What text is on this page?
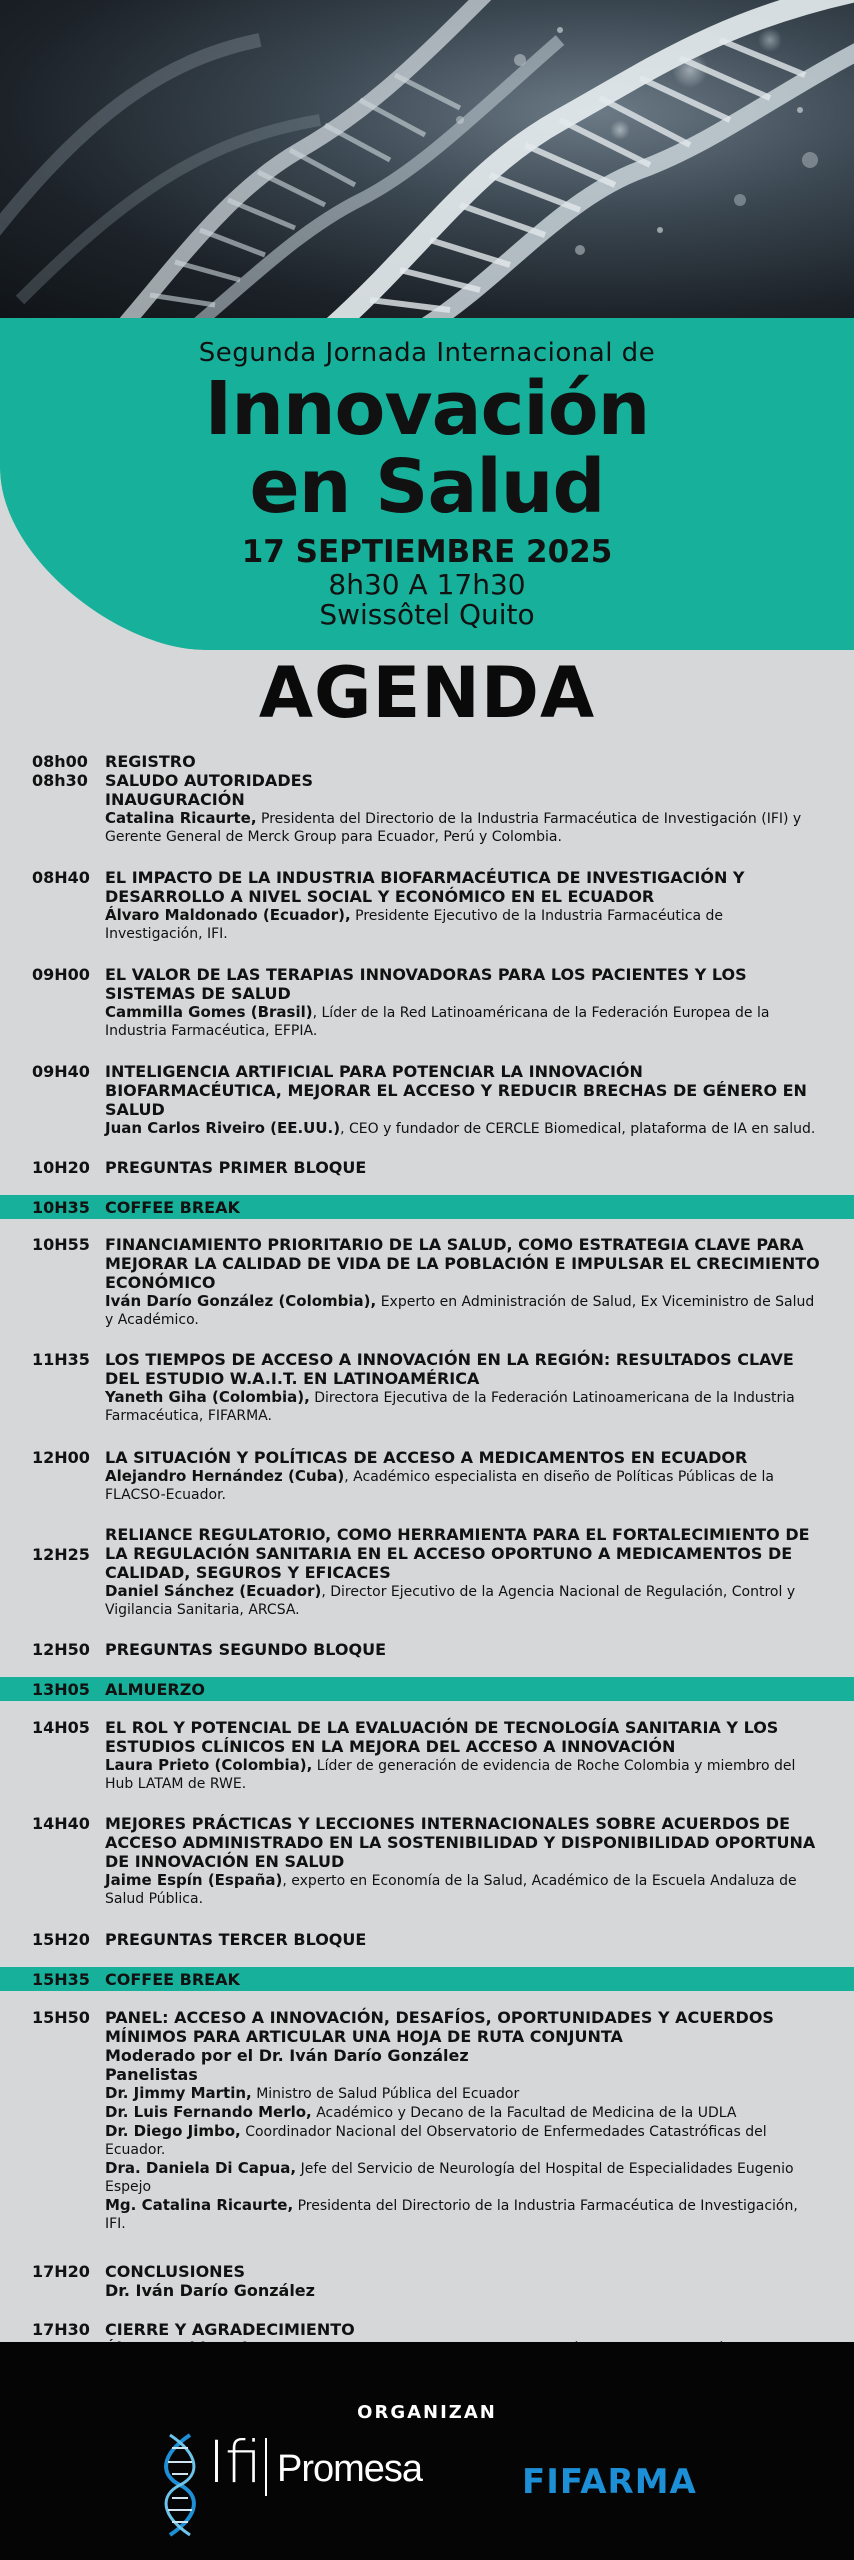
Segunda Jornada Internacional de
Innovación
en Salud
17 SEPTIEMBRE 2025
8h30 A 17h30
Swissôtel Quito
AGENDA
08h00 REGISTRO
08h30 SALUDO AUTORIDADES
INAUGURACIÓN
Catalina Ricaurte, Presidenta del Directorio de la Industria Farmacéutica de Investigación (IFI) y Gerente General de Merck Group para Ecuador, Perú y Colombia.
08H40 EL IMPACTO DE LA INDUSTRIA BIOFARMACÉUTICA DE INVESTIGACIÓN Y DESARROLLO A NIVEL SOCIAL Y ECONÓMICO EN EL ECUADOR
Álvaro Maldonado (Ecuador), Presidente Ejecutivo de la Industria Farmacéutica de Investigación, IFI.
09H00 EL VALOR DE LAS TERAPIAS INNOVADORAS PARA LOS PACIENTES Y LOS SISTEMAS DE SALUD
Cammilla Gomes (Brasil), Líder de la Red Latinoaméricana de la Federación Europea de la Industria Farmacéutica, EFPIA.
09H40 INTELIGENCIA ARTIFICIAL PARA POTENCIAR LA INNOVACIÓN BIOFARMACÉUTICA, MEJORAR EL ACCESO Y REDUCIR BRECHAS DE GÉNERO EN SALUD
Juan Carlos Riveiro (EE.UU.), CEO y fundador de CERCLE Biomedical, plataforma de IA en salud.
10H20 PREGUNTAS PRIMER BLOQUE
10H35 COFFEE BREAK
10H55 FINANCIAMIENTO PRIORITARIO DE LA SALUD, COMO ESTRATEGIA CLAVE PARA MEJORAR LA CALIDAD DE VIDA DE LA POBLACIÓN E IMPULSAR EL CRECIMIENTO ECONÓMICO
Iván Darío González (Colombia), Experto en Administración de Salud, Ex Viceministro de Salud y Académico.
11H35 LOS TIEMPOS DE ACCESO A INNOVACIÓN EN LA REGIÓN: RESULTADOS CLAVE DEL ESTUDIO W.A.I.T. EN LATINOAMÉRICA
Yaneth Giha (Colombia), Directora Ejecutiva de la Federación Latinoamericana de la Industria Farmacéutica, FIFARMA.
12H00 LA SITUACIÓN Y POLÍTICAS DE ACCESO A MEDICAMENTOS EN ECUADOR
Alejandro Hernández (Cuba), Académico especialista en diseño de Políticas Públicas de la FLACSO-Ecuador.
12H25
RELIANCE REGULATORIO, COMO HERRAMIENTA PARA EL FORTALECIMIENTO DE LA REGULACIÓN SANITARIA EN EL ACCESO OPORTUNO A MEDICAMENTOS DE CALIDAD, SEGUROS Y EFICACES
Daniel Sánchez (Ecuador), Director Ejecutivo de la Agencia Nacional de Regulación, Control y Vigilancia Sanitaria, ARCSA.
12H50 PREGUNTAS SEGUNDO BLOQUE
13H05 ALMUERZO
14H05 EL ROL Y POTENCIAL DE LA EVALUACIÓN DE TECNOLOGÍA SANITARIA Y LOS ESTUDIOS CLÍNICOS EN LA MEJORA DEL ACCESO A INNOVACIÓN
Laura Prieto (Colombia), Líder de generación de evidencia de Roche Colombia y miembro del Hub LATAM de RWE.
14H40 MEJORES PRÁCTICAS Y LECCIONES INTERNACIONALES SOBRE ACUERDOS DE ACCESO ADMINISTRADO EN LA SOSTENIBILIDAD Y DISPONIBILIDAD OPORTUNA DE INNOVACIÓN EN SALUD
Jaime Espín (España), experto en Economía de la Salud, Académico de la Escuela Andaluza de Salud Pública.
15H20 PREGUNTAS TERCER BLOQUE
15H35 COFFEE BREAK
15H50 PANEL: ACCESO A INNOVACIÓN, DESAFÍOS, OPORTUNIDADES Y ACUERDOS MÍNIMOS PARA ARTICULAR UNA HOJA DE RUTA CONJUNTA
Moderado por el Dr. Iván Darío González
Panelistas
Dr. Jimmy Martin, Ministro de Salud Pública del Ecuador
Dr. Luis Fernando Merlo, Académico y Decano de la Facultad de Medicina de la UDLA
Dr. Diego Jimbo, Coordinador Nacional del Observatorio de Enfermedades Catastróficas del Ecuador.
Dra. Daniela Di Capua, Jefe del Servicio de Neurología del Hospital de Especialidades Eugenio Espejo
Mg. Catalina Ricaurte, Presidenta del Directorio de la Industria Farmacéutica de Investigación, IFI.
17H20 CONCLUSIONES
Dr. Iván Darío González
17H30 CIERRE Y AGRADECIMIENTO
ORGANIZAN
Ifi Promesa	FIFARMA
